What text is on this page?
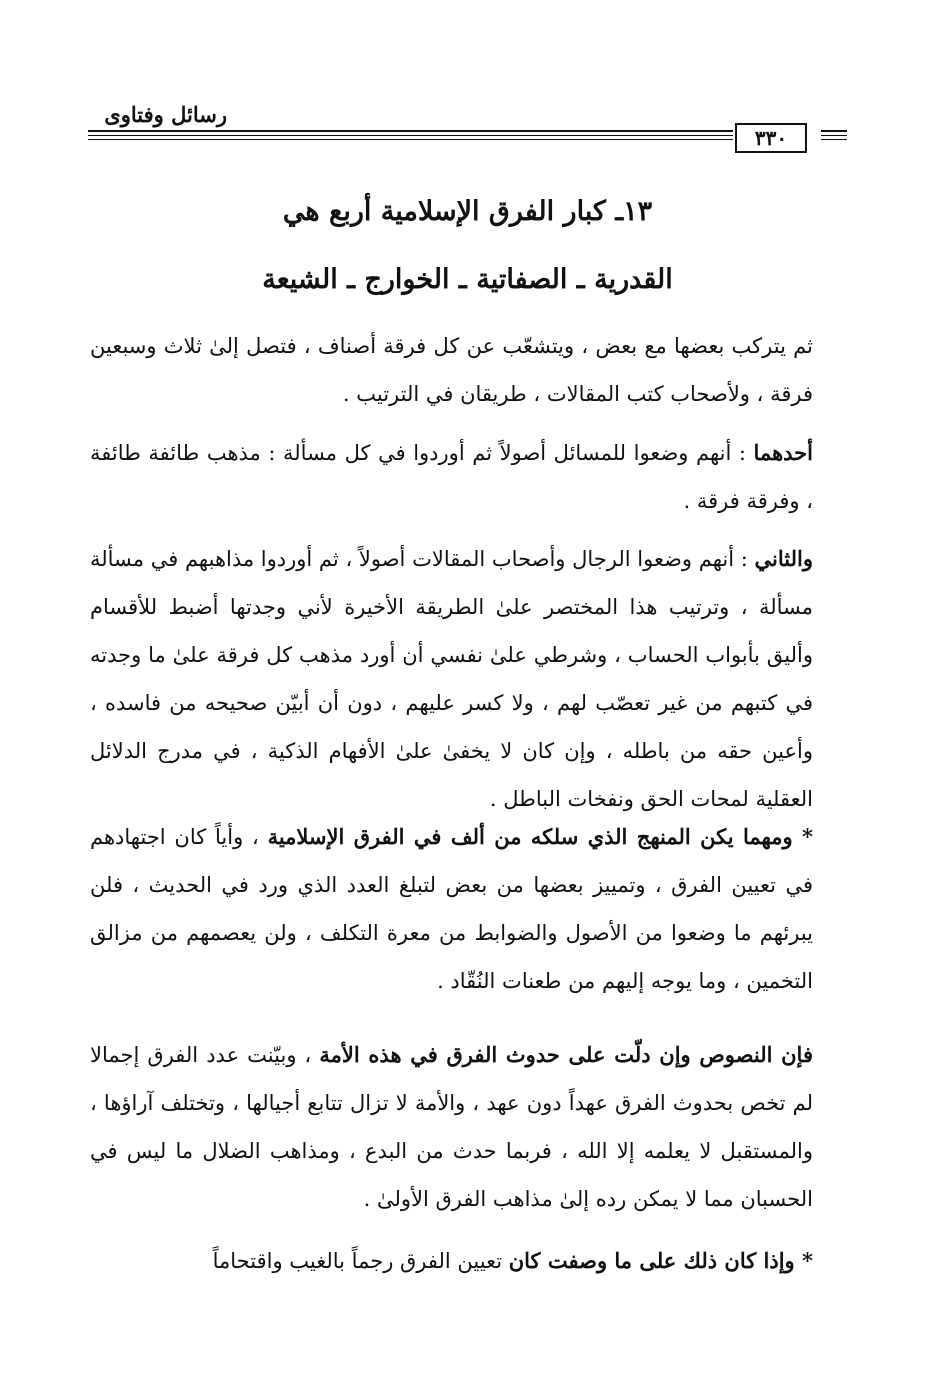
رسائل وفتاوى
٣٣٠
١٣ـ كبار الفرق الإسلامية أربع هي
القدرية ـ الصفاتية ـ الخوارج ـ الشيعة

ثم يتركب بعضها مع بعض ، ويتشعّب عن كل فرقة أصناف ، فتصل إلىٰ ثلاث وسبعين فرقة ، ولأصحاب كتب المقالات ، طريقان في الترتيب .

أحدهما : أنهم وضعوا للمسائل أصولاً ثم أوردوا في كل مسألة : مذهب طائفة طائفة ، وفرقة فرقة .

والثاني : أنهم وضعوا الرجال وأصحاب المقالات أصولاً ، ثم أوردوا مذاهبهم في مسألة مسألة ، وترتيب هذا المختصر علىٰ الطريقة الأخيرة لأني وجدتها أضبط للأقسام وأليق بأبواب الحساب ، وشرطي علىٰ نفسي أن أورد مذهب كل فرقة علىٰ ما وجدته في كتبهم من غير تعصّب لهم ، ولا كسر عليهم ، دون أن أبيّن صحيحه من فاسده ، وأعين حقه من باطله ، وإن كان لا يخفىٰ علىٰ الأفهام الذكية ، في مدرج الدلائل العقلية لمحات الحق ونفخات الباطل .

* ومهما يكن المنهج الذي سلكه من ألف في الفرق الإسلامية ، وأياً كان اجتهادهم في تعيين الفرق ، وتمييز بعضها من بعض لتبلغ العدد الذي ورد في الحديث ، فلن يبرئهم ما وضعوا من الأصول والضوابط من معرة التكلف ، ولن يعصمهم من مزالق التخمين ، وما يوجه إليهم من طعنات النُقّاد .

فإن النصوص وإن دلّت على حدوث الفرق في هذه الأمة ، وبيّنت عدد الفرق إجمالا لم تخص بحدوث الفرق عهداً دون عهد ، والأمة لا تزال تتابع أجيالها ، وتختلف آراؤها ، والمستقبل لا يعلمه إلا الله ، فربما حدث من البدع ، ومذاهب الضلال ما ليس في الحسبان مما لا يمكن رده إلىٰ مذاهب الفرق الأولىٰ .

* وإذا كان ذلك على ما وصفت كان تعيين الفرق رجماً بالغيب واقتحاماً
